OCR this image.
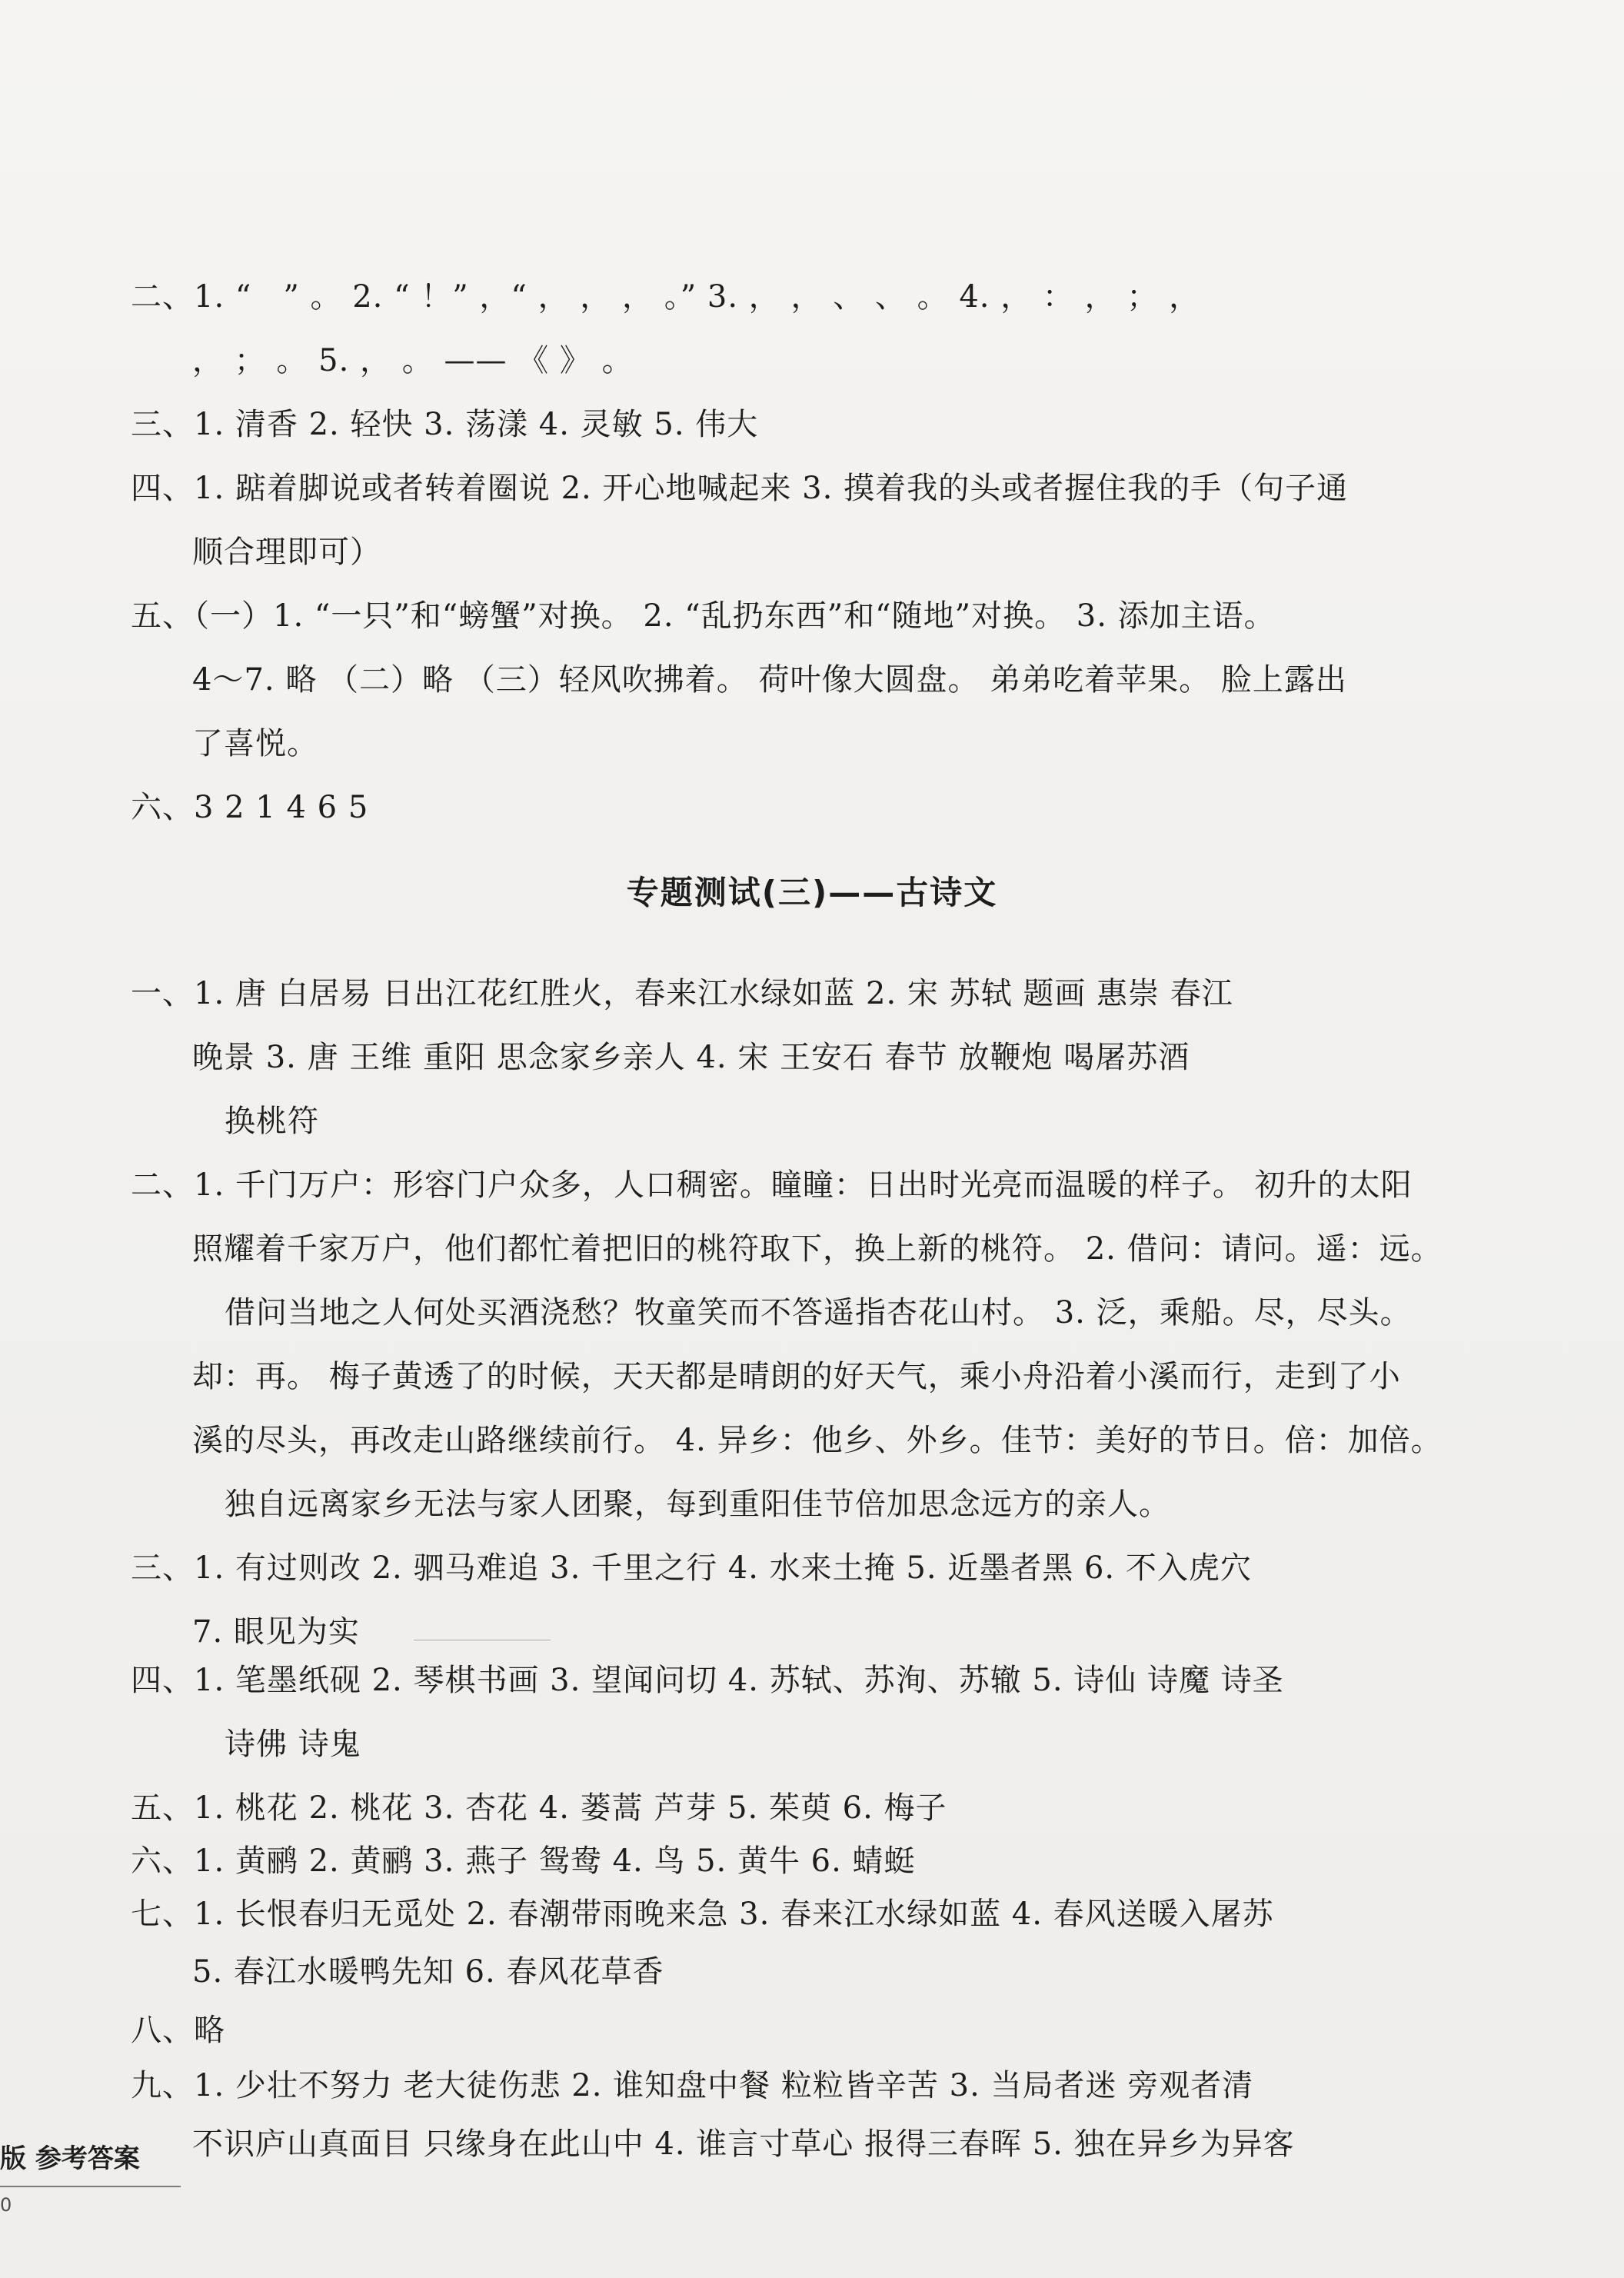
二、1. “　” 。 2. “ ！” ，“ ， ， ， 。” 3. ， ， 、 、 。 4. ， ： ， ； ，
， ； 。 5. ， 。 —— 《 》 。
三、1. 清香 2. 轻快 3. 荡漾 4. 灵敏 5. 伟大
四、1. 踮着脚说或者转着圈说 2. 开心地喊起来 3. 摸着我的头或者握住我的手（句子通
顺合理即可）
五、（一）1. “一只”和“螃蟹”对换。 2. “乱扔东西”和“随地”对换。 3. 添加主语。
4～7. 略 （二）略 （三）轻风吹拂着。 荷叶像大圆盘。 弟弟吃着苹果。 脸上露出
了喜悦。
六、3 2 1 4 6 5
专题测试(三)——古诗文
一、1. 唐 白居易 日出江花红胜火，春来江水绿如蓝 2. 宋 苏轼 题画 惠崇 春江
晚景 3. 唐 王维 重阳 思念家乡亲人 4. 宋 王安石 春节 放鞭炮 喝屠苏酒
换桃符
二、1. 千门万户：形容门户众多，人口稠密。瞳瞳：日出时光亮而温暖的样子。 初升的太阳
照耀着千家万户，他们都忙着把旧的桃符取下，换上新的桃符。 2. 借问：请问。遥：远。
借问当地之人何处买酒浇愁？牧童笑而不答遥指杏花山村。 3. 泛，乘船。尽，尽头。
却：再。 梅子黄透了的时候，天天都是晴朗的好天气，乘小舟沿着小溪而行，走到了小
溪的尽头，再改走山路继续前行。 4. 异乡：他乡、外乡。佳节：美好的节日。倍：加倍。
独自远离家乡无法与家人团聚，每到重阳佳节倍加思念远方的亲人。
三、1. 有过则改 2. 驷马难追 3. 千里之行 4. 水来土掩 5. 近墨者黑 6. 不入虎穴
7. 眼见为实
四、1. 笔墨纸砚 2. 琴棋书画 3. 望闻问切 4. 苏轼、苏洵、苏辙 5. 诗仙 诗魔 诗圣
诗佛 诗鬼
五、1. 桃花 2. 桃花 3. 杏花 4. 蒌蒿 芦芽 5. 茱萸 6. 梅子
六、1. 黄鹂 2. 黄鹂 3. 燕子 鸳鸯 4. 鸟 5. 黄牛 6. 蜻蜓
七、1. 长恨春归无觅处 2. 春潮带雨晚来急 3. 春来江水绿如蓝 4. 春风送暖入屠苏
5. 春江水暖鸭先知 6. 春风花草香
八、略
九、1. 少壮不努力 老大徒伤悲 2. 谁知盘中餐 粒粒皆辛苦 3. 当局者迷 旁观者清
不识庐山真面目 只缘身在此山中 4. 谁言寸草心 报得三春晖 5. 独在异乡为异客
版 参考答案
0
